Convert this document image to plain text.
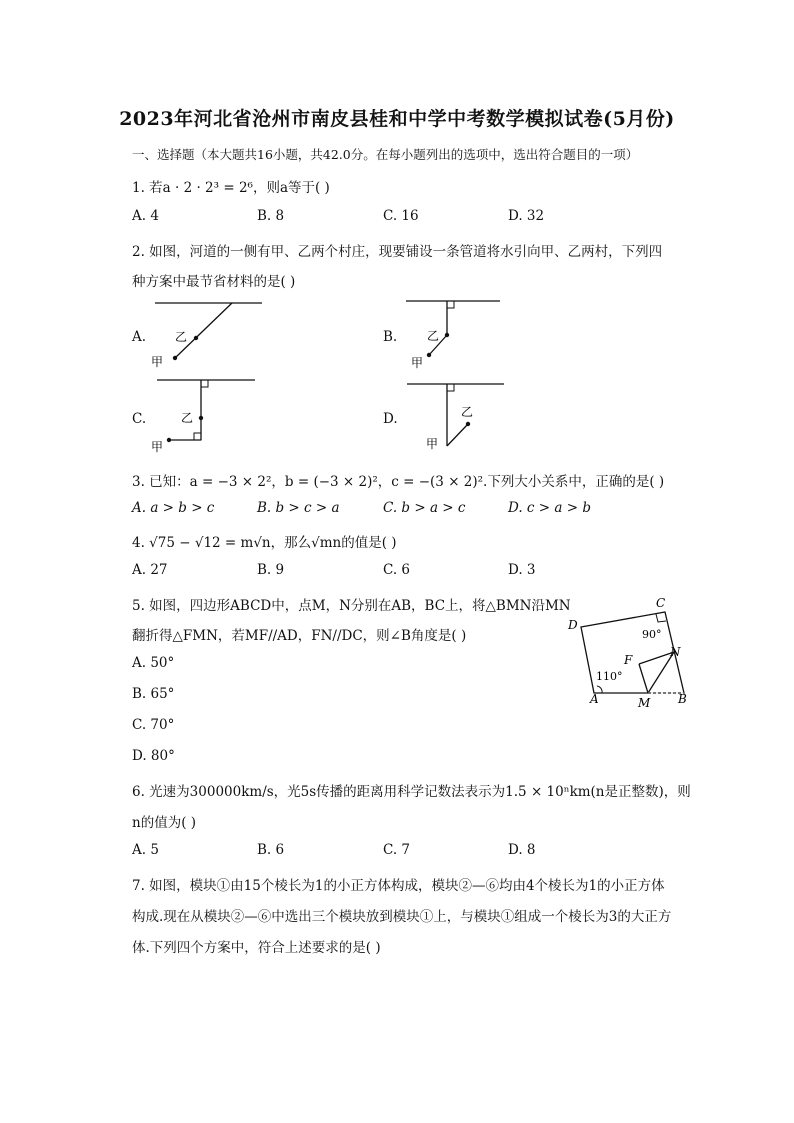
2023年河北省沧州市南皮县桂和中学中考数学模拟试卷(5月份)
一、选择题（本大题共16小题，共42.0分。在每小题列出的选项中，选出符合题目的一项）
1. 若a · 2 · 2³ = 2⁶，则a等于( )
A. 4	B. 8	C. 16	D. 32
2. 如图，河道的一侧有甲、乙两个村庄，现要铺设一条管道将水引向甲、乙两村，下列四
种方案中最节省材料的是( )
A. 乙
甲
B. 乙
甲
C.	乙
甲
D.	乙
甲
3. 已知：a = −3 × 2²，b = (−3 × 2)²，c = −(3 × 2)².下列大小关系中，正确的是( )
A. a > b > c	B. b > c > a	C. b > a > c	D. c > a > b
4. √75 − √12 = m√n，那么√mn的值是( )
A. 27	B. 9	C. 6	D. 3
5. 如图，四边形ABCD中，点M，N分别在AB，BC上，将△BMN沿MN
翻折得△FMN，若MF//AD，FN//DC，则∠B角度是( )
A. 50°
B. 65°
C. 70°
D. 80°
D
C
90°
N
F
110°
A	M B
6. 光速为300000km/s，光5s传播的距离用科学记数法表示为1.5 × 10ⁿkm(n是正整数)，则
n的值为( )
A. 5	B. 6	C. 7	D. 8
7. 如图，模块①由15个棱长为1的小正方体构成，模块②—⑥均由4个棱长为1的小正方体
构成.现在从模块②—⑥中选出三个模块放到模块①上，与模块①组成一个棱长为3的大正方
体.下列四个方案中，符合上述要求的是( )
